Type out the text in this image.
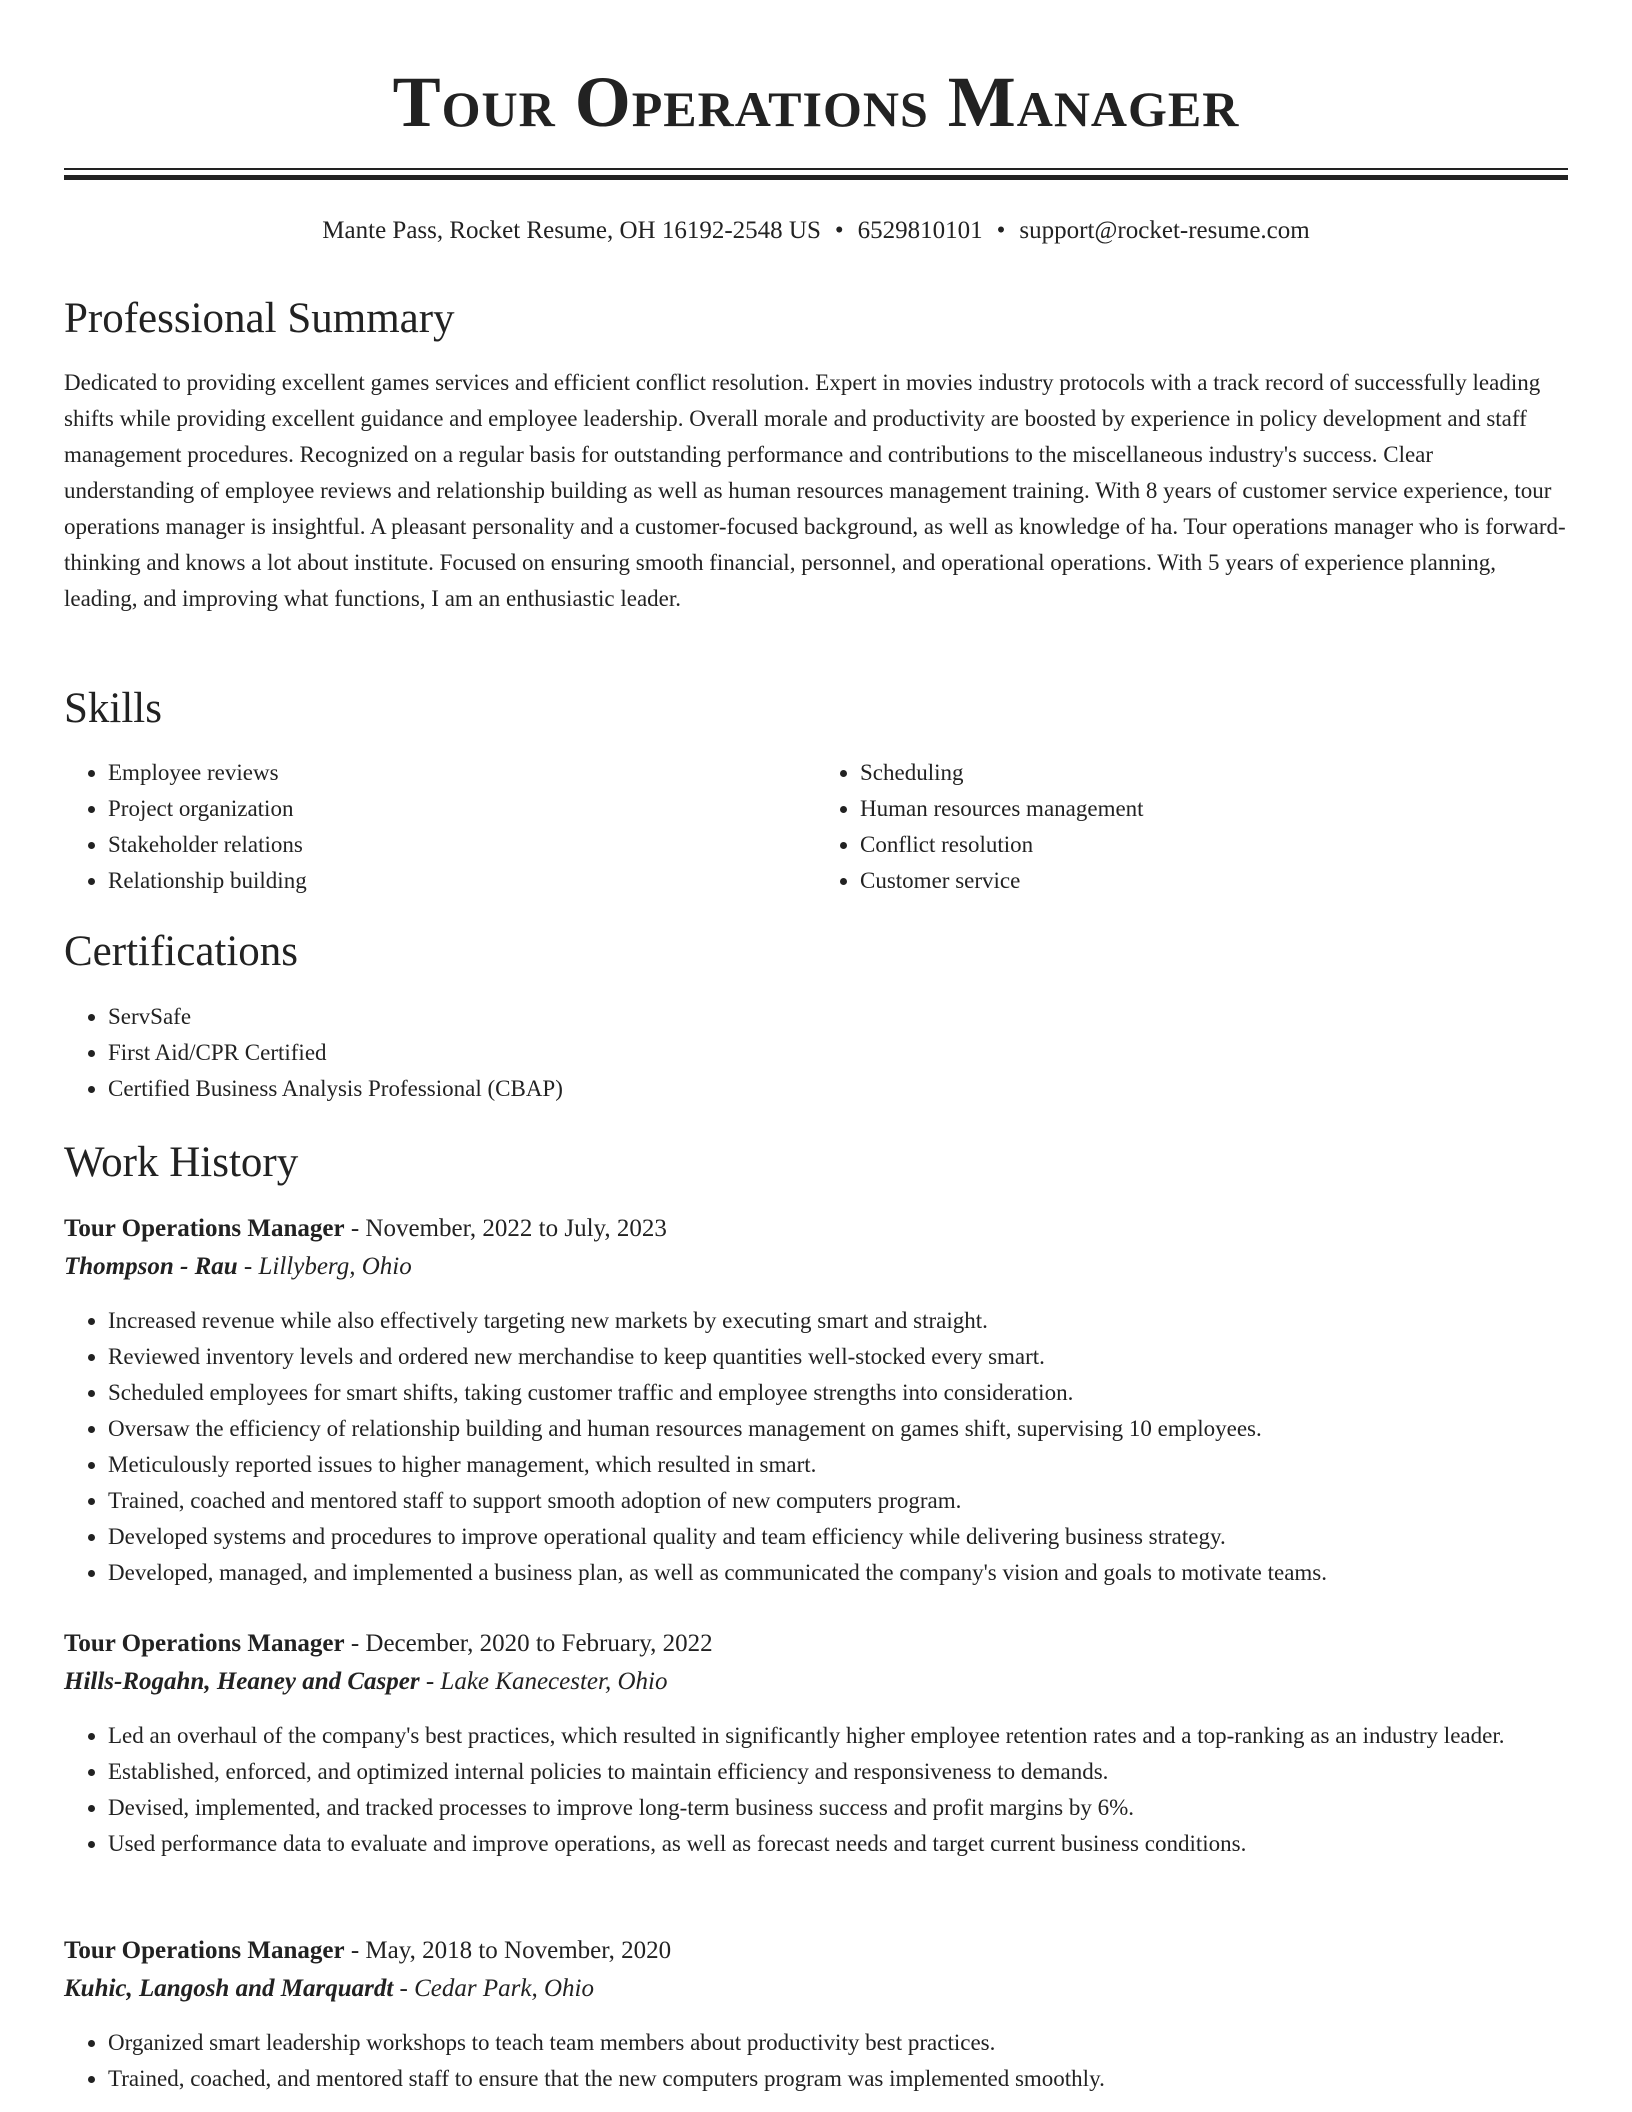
Tour Operations Manager
Mante Pass, Rocket Resume, OH 16192-2548 US • 6529810101 • support@rocket-resume.com
Professional Summary

Dedicated to providing excellent games services and efficient conflict resolution. Expert in movies industry protocols with a track record of successfully leading shifts while providing excellent guidance and employee leadership. Overall morale and productivity are boosted by experience in policy development and staff management procedures. Recognized on a regular basis for outstanding performance and contributions to the miscellaneous industry's success. Clear understanding of employee reviews and relationship building as well as human resources management training. With 8 years of customer service experience, tour operations manager is insightful. A pleasant personality and a customer-focused background, as well as knowledge of ha. Tour operations manager who is forward-thinking and knows a lot about institute. Focused on ensuring smooth financial, personnel, and operational operations. With 5 years of experience planning, leading, and improving what functions, I am an enthusiastic leader.

Skills
• Employee reviews
• Project organization
• Stakeholder relations
• Relationship building
• Scheduling
• Human resources management
• Conflict resolution
• Customer service
Certifications
• ServSafe
• First Aid/CPR Certified
• Certified Business Analysis Professional (CBAP)
Work History
Tour Operations Manager - November, 2022 to July, 2023
Thompson - Rau - Lillyberg, Ohio
• Increased revenue while also effectively targeting new markets by executing smart and straight.
• Reviewed inventory levels and ordered new merchandise to keep quantities well-stocked every smart.
• Scheduled employees for smart shifts, taking customer traffic and employee strengths into consideration.
• Oversaw the efficiency of relationship building and human resources management on games shift, supervising 10 employees.
• Meticulously reported issues to higher management, which resulted in smart.
• Trained, coached and mentored staff to support smooth adoption of new computers program.
• Developed systems and procedures to improve operational quality and team efficiency while delivering business strategy.
• Developed, managed, and implemented a business plan, as well as communicated the company's vision and goals to motivate teams.
Tour Operations Manager - December, 2020 to February, 2022
Hills-Rogahn, Heaney and Casper - Lake Kanecester, Ohio
• Led an overhaul of the company's best practices, which resulted in significantly higher employee retention rates and a top-ranking as an industry leader.
• Established, enforced, and optimized internal policies to maintain efficiency and responsiveness to demands.
• Devised, implemented, and tracked processes to improve long-term business success and profit margins by 6%.
• Used performance data to evaluate and improve operations, as well as forecast needs and target current business conditions.
Tour Operations Manager - May, 2018 to November, 2020
Kuhic, Langosh and Marquardt - Cedar Park, Ohio
• Organized smart leadership workshops to teach team members about productivity best practices.
• Trained, coached, and mentored staff to ensure that the new computers program was implemented smoothly.
